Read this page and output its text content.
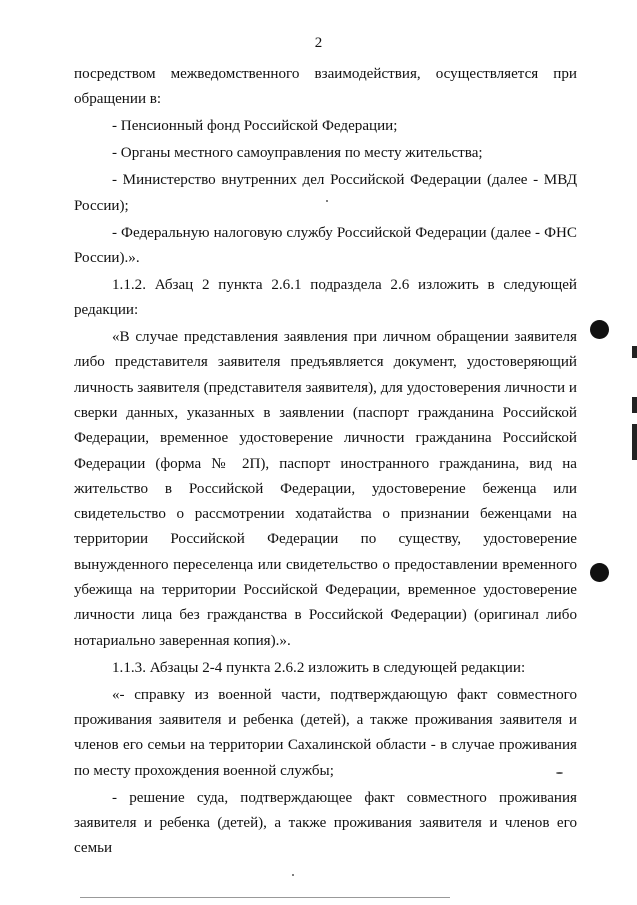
2

посредством межведомственного взаимодействия, осуществляется при обращении в:

- Пенсионный фонд Российской Федерации;

- Органы местного самоуправления по месту жительства;

- Министерство внутренних дел Российской Федерации (далее - МВД России);

- Федеральную налоговую службу Российской Федерации (далее - ФНС России).».

1.1.2. Абзац 2 пункта 2.6.1 подраздела 2.6 изложить в следующей редакции:

«В случае представления заявления при личном обращении заявителя либо представителя заявителя предъявляется документ, удостоверяющий личность заявителя (представителя заявителя), для удостоверения личности и сверки данных, указанных в заявлении (паспорт гражданина Российской Федерации, временное удостоверение личности гражданина Российской Федерации (форма № 2П), паспорт иностранного гражданина, вид на жительство в Российской Федерации, удостоверение беженца или свидетельство о рассмотрении ходатайства о признании беженцами на территории Российской Федерации по существу, удостоверение вынужденного переселенца или свидетельство о предоставлении временного убежища на территории Российской Федерации, временное удостоверение личности лица без гражданства в Российской Федерации) (оригинал либо нотариально заверенная копия).».

1.1.3. Абзацы 2-4 пункта 2.6.2 изложить в следующей редакции:

«- справку из военной части, подтверждающую факт совместного проживания заявителя и ребенка (детей), а также проживания заявителя и членов его семьи на территории Сахалинской области - в случае проживания по месту прохождения военной службы;

- решение суда, подтверждающее факт совместного проживания заявителя и ребенка (детей), а также проживания заявителя и членов его семьи
